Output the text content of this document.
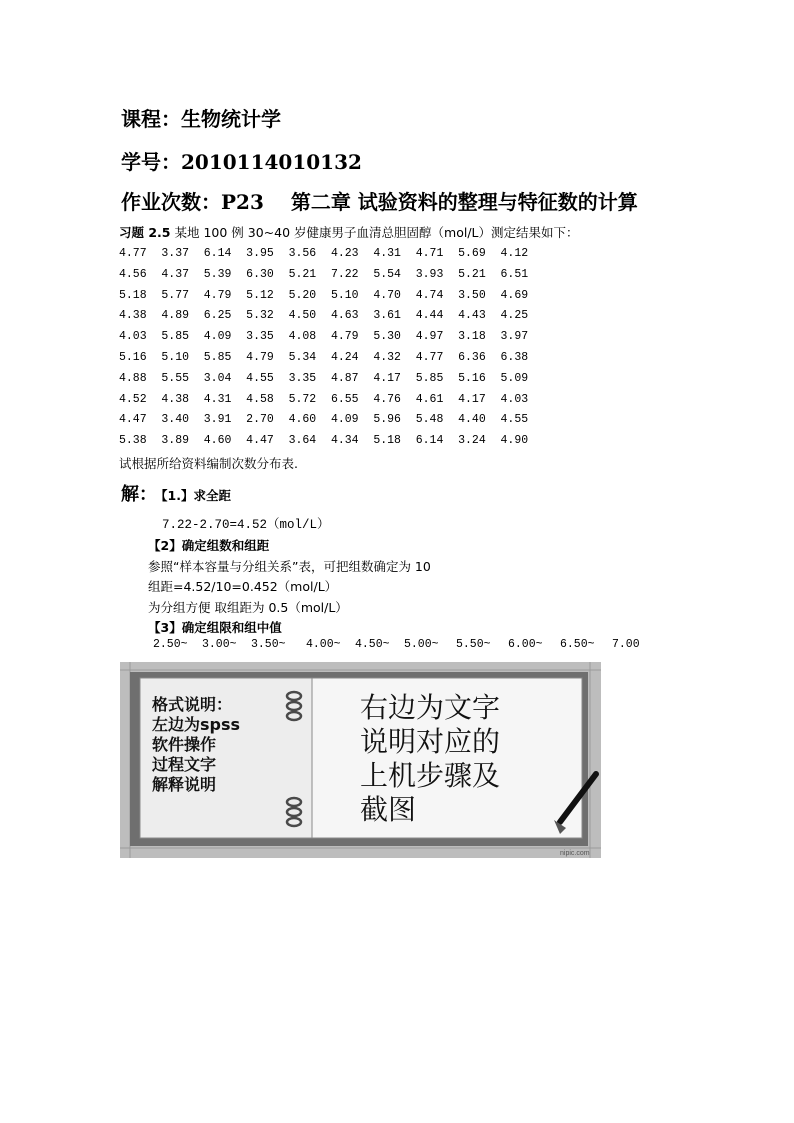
课程：生物统计学
学号：2010114010132
作业次数：P23　 第二章 试验资料的整理与特征数的计算
习题 2.5 某地 100 例 30~40 岁健康男子血清总胆固醇（mol/L）测定结果如下：
4.77 3.37 6.14 3.95 3.56 4.23 4.31 4.71 5.69 4.12
4.56 4.37 5.39 6.30 5.21 7.22 5.54 3.93 5.21 6.51
5.18 5.77 4.79 5.12 5.20 5.10 4.70 4.74 3.50 4.69
4.38 4.89 6.25 5.32 4.50 4.63 3.61 4.44 4.43 4.25
4.03 5.85 4.09 3.35 4.08 4.79 5.30 4.97 3.18 3.97
5.16 5.10 5.85 4.79 5.34 4.24 4.32 4.77 6.36 6.38
4.88 5.55 3.04 4.55 3.35 4.87 4.17 5.85 5.16 5.09
4.52 4.38 4.31 4.58 5.72 6.55 4.76 4.61 4.17 4.03
4.47 3.40 3.91 2.70 4.60 4.09 5.96 5.48 4.40 4.55
5.38 3.89 4.60 4.47 3.64 4.34 5.18 6.14 3.24 4.90
试根据所给资料编制次数分布表.
解：
【1.】求全距
7.22-2.70=4.52（mol/L）
【2】确定组数和组距
参照“样本容量与分组关系”表，可把组数确定为 10
组距=4.52/10=0.452（mol/L）
为分组方便 取组距为 0.5（mol/L）
【3】确定组限和组中值
2.50~ 3.00~ 3.50~ 4.00~ 4.50~ 5.00~ 5.50~ 6.00~ 6.50~ 7.00
格式说明：
左边为spss
软件操作
过程文字
解释说明
右边为文字
说明对应的
上机步骤及
截图
nipic.com
